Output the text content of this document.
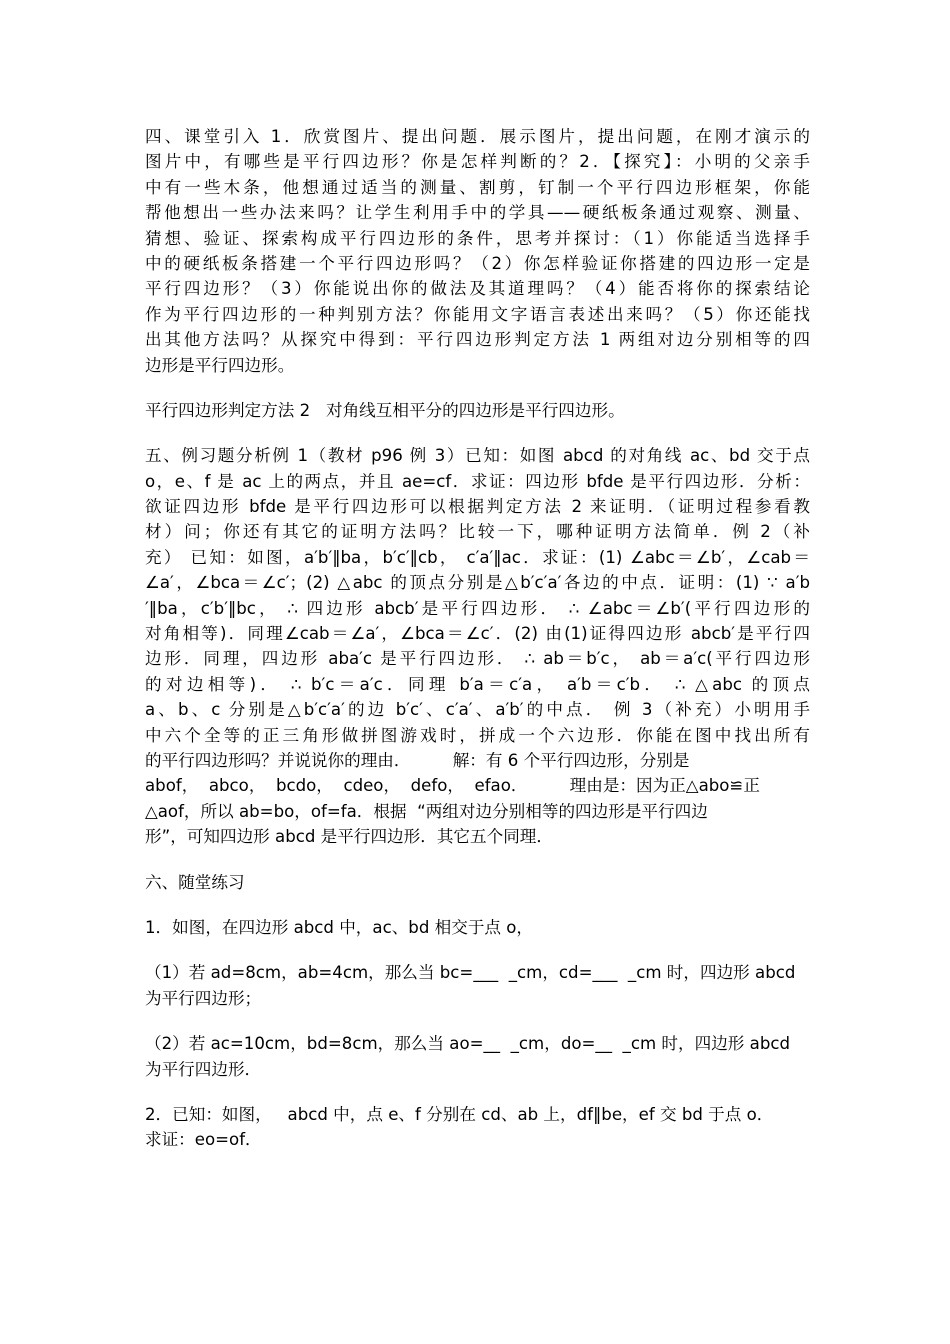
四、课堂引入 1．欣赏图片、提出问题．展示图片，提出问题，在刚才演示的
图片中，有哪些是平行四边形？你是怎样判断的？2．【探究】：小明的父亲手
中有一些木条，他想通过适当的测量、割剪，钉制一个平行四边形框架，你能
帮他想出一些办法来吗？让学生利用手中的学具——硬纸板条通过观察、测量、
猜想、验证、探索构成平行四边形的条件，思考并探讨：（1）你能适当选择手
中的硬纸板条搭建一个平行四边形吗？（2）你怎样验证你搭建的四边形一定是
平行四边形？（3）你能说出你的做法及其道理吗？（4）能否将你的探索结论
作为平行四边形的一种判别方法？你能用文字语言表述出来吗？（5）你还能找
出其他方法吗？从探究中得到：平行四边形判定方法 1 两组对边分别相等的四
边形是平行四边形。
平行四边形判定方法 2   对角线互相平分的四边形是平行四边形。
五、例习题分析例 1（教材 p96 例 3）已知：如图 abcd 的对角线 ac、bd 交于点
o，e、f 是 ac 上的两点，并且 ae=cf．求证：四边形 bfde 是平行四边形．分析：
欲证四边形 bfde 是平行四边形可以根据判定方法 2 来证明．（证明过程参看教
材）问；你还有其它的证明方法吗？比较一下，哪种证明方法简单．例 2（补
充） 已知：如图，a′b′‖ba，b′c′‖cb， c′a′‖ac．求证：(1) ∠abc＝∠b′，∠cab＝
∠a′，∠bca＝∠c′；(2) △abc 的顶点分别是△b′c′a′各边的中点．证明：(1) ∵ a′b
′‖ba，c′b′‖bc， ∴ 四边形 abcb′是平行四边形． ∴ ∠abc＝∠b′(平行四边形的
对角相等)．同理∠cab＝∠a′，∠bca＝∠c′．(2) 由(1)证得四边形 abcb′是平行四
边形．同理，四边形 aba′c 是平行四边形． ∴ ab＝b′c， ab＝a′c(平行四边形
的对边相等)． ∴ b′c＝a′c．同理 b′a＝c′a， a′b＝c′b． ∴ △abc 的顶点
a、b、c 分别是△b′c′a′的边 b′c′、c′a′、a′b′的中点． 例 3（补充）小明用手
中六个全等的正三角形做拼图游戏时，拼成一个六边形．你能在图中找出所有
的平行四边形吗？并说说你的理由．        解：有 6 个平行四边形，分别是
abof，  abco，  bcdo，  cdeo，  defo，  efao．        理由是：因为正△abo≌正
△aof，所以 ab=bo，of=fa．根据  “两组对边分别相等的四边形是平行四边
形”，可知四边形 abcd 是平行四边形．其它五个同理．
六、随堂练习
1．如图，在四边形 abcd 中，ac、bd 相交于点 o，
（1）若 ad=8cm，ab=4cm，那么当 bc=___  _cm，cd=___  _cm 时，四边形 abcd
为平行四边形；
（2）若 ac=10cm，bd=8cm，那么当 ao=__  _cm，do=__  _cm 时，四边形 abcd
为平行四边形．
2．已知：如图，   abcd 中，点 e、f 分别在 cd、ab 上，df‖be，ef 交 bd 于点 o．
求证：eo=of．
